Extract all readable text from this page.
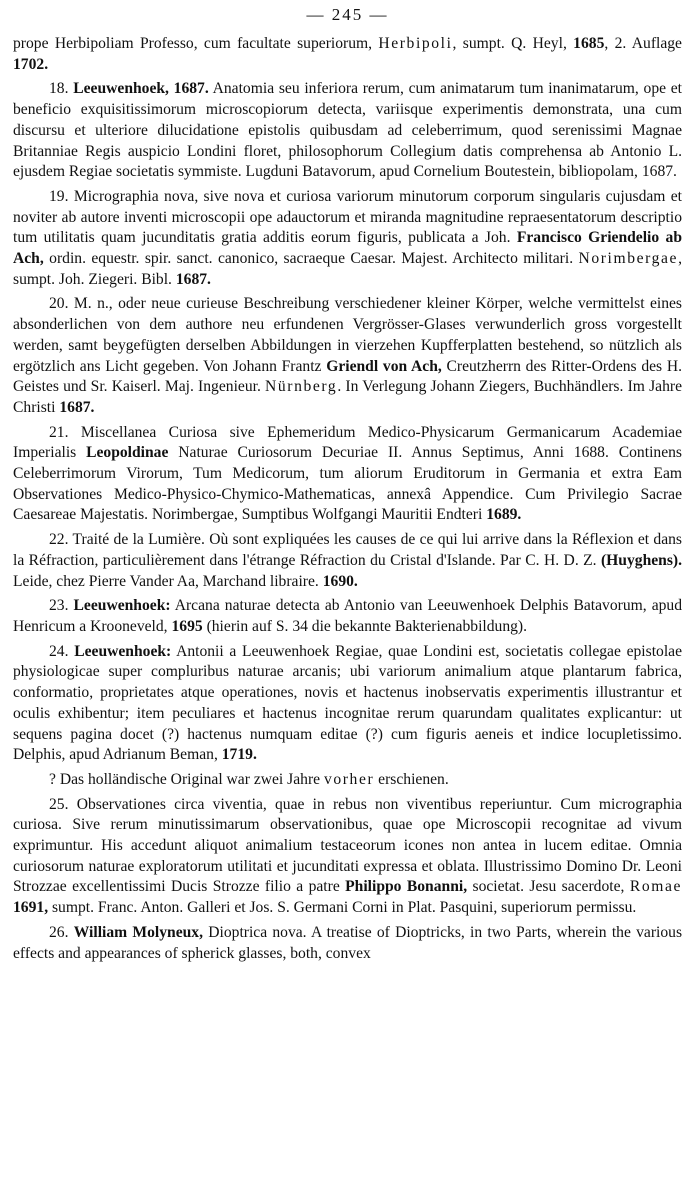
— 245 —

prope Herbipoliam Professo, cum facultate superiorum, Herbipoli, sumpt. Q. Heyl, 1685, 2. Auflage 1702.

18. Leeuwenhoek, 1687. Anatomia seu inferiora rerum, cum animatarum tum inanimatarum, ope et beneficio exquisitissimorum microscopiorum detecta, variisque experimentis demonstrata, una cum discursu et ulteriore dilucidatione epistolis quibusdam ad celeberrimum, quod serenissimi Magnae Britanniae Regis auspicio Londini floret, philosophorum Collegium datis comprehensa ab Antonio L. ejusdem Regiae societatis symmiste. Lugduni Batavorum, apud Cornelium Boutestein, bibliopolam, 1687.

19. Micrographia nova, sive nova et curiosa variorum minutorum corporum singularis cujusdam et noviter ab autore inventi microscopii ope adauctorum et miranda magnitudine repraesentatorum descriptio tum utilitatis quam jucunditatis gratia additis eorum figuris, publicata a Joh. Francisco Griendelio ab Ach, ordin. equestr. spir. sanct. canonico, sacraeque Caesar. Majest. Architecto militari. Norimbergae, sumpt. Joh. Ziegeri. Bibl. 1687.

20. M. n., oder neue curieuse Beschreibung verschiedener kleiner Körper, welche vermittelst eines absonderlichen von dem authore neu erfundenen Vergrösser-Glases verwunderlich gross vorgestellt werden, samt beygefügten derselben Abbildungen in vierzehen Kupfferplatten bestehend, so nützlich als ergötzlich ans Licht gegeben. Von Johann Frantz Griendl von Ach, Creutzherrn des Ritter-Ordens des H. Geistes und Sr. Kaiserl. Maj. Ingenieur. Nürnberg. In Verlegung Johann Ziegers, Buchhändlers. Im Jahre Christi 1687.

21. Miscellanea Curiosa sive Ephemeridum Medico-Physicarum Germanicarum Academiae Imperialis Leopoldinae Naturae Curiosorum Decuriae II. Annus Septimus, Anni 1688. Continens Celeberrimorum Virorum, Tum Medicorum, tum aliorum Eruditorum in Germania et extra Eam Observationes Medico-Physico-Chymico-Mathematicas, annexâ Appendice. Cum Privilegio Sacrae Caesareae Majestatis. Norimbergae, Sumptibus Wolfgangi Mauritii Endteri 1689.

22. Traité de la Lumière. Où sont expliquées les causes de ce qui lui arrive dans la Réflexion et dans la Réfraction, particulièrement dans l'étrange Réfraction du Cristal d'Islande. Par C. H. D. Z. (Huyghens). Leide, chez Pierre Vander Aa, Marchand libraire. 1690.

23. Leeuwenhoek: Arcana naturae detecta ab Antonio van Leeuwenhoek Delphis Batavorum, apud Henricum a Krooneveld, 1695 (hierin auf S. 34 die bekannte Bakterienabbildung).

24. Leeuwenhoek: Antonii a Leeuwenhoek Regiae, quae Londini est, societatis collegae epistolae physiologicae super compluribus naturae arcanis; ubi variorum animalium atque plantarum fabrica, conformatio, proprietates atque operationes, novis et hactenus inobservatis experimentis illustrantur et oculis exhibentur; item peculiares et hactenus incognitae rerum quarundam qualitates explicantur: ut sequens pagina docet (?) hactenus numquam editae (?) cum figuris aeneis et indice locupletissimo. Delphis, apud Adrianum Beman, 1719.

? Das holländische Original war zwei Jahre vorher erschienen.

25. Observationes circa viventia, quae in rebus non viventibus reperiuntur. Cum micrographia curiosa. Sive rerum minutissimarum observationibus, quae ope Microscopii recognitae ad vivum exprimuntur. His accedunt aliquot animalium testaceorum icones non antea in lucem editae. Omnia curiosorum naturae exploratorum utilitati et jucunditati expressa et oblata. Illustrissimo Domino Dr. Leoni Strozzae excellentissimi Ducis Strozze filio a patre Philippo Bonanni, societat. Jesu sacerdote, Romae 1691, sumpt. Franc. Anton. Galleri et Jos. S. Germani Corni in Plat. Pasquini, superiorum permissu.

26. William Molyneux, Dioptrica nova. A treatise of Dioptricks, in two Parts, wherein the various effects and appearances of spherick glasses, both, convex
